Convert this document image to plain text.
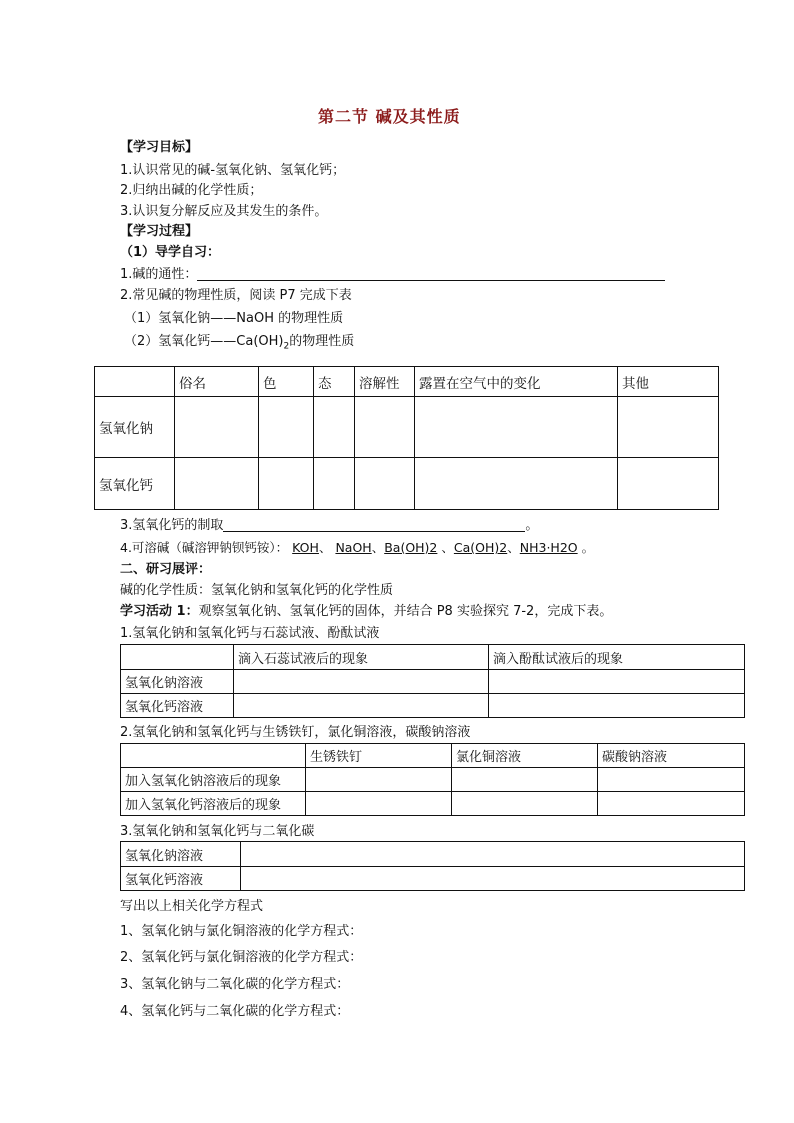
第二节 碱及其性质
【学习目标】
1.认识常见的碱-氢氧化钠、氢氧化钙；
2.归纳出碱的化学性质；
3.认识复分解反应及其发生的条件。
【学习过程】
（1）导学自习：
1.碱的通性：
2.常见碱的物理性质，阅读 P7 完成下表
（1）氢氧化钠——NaOH 的物理性质
（2）氢氧化钙$——Ca(OH)_2$的物理性质
	俗名	色	态	溶解性	露置在空气中的变化	其他
氢氧化钠						
氢氧化钙						
3.氢氧化钙的制取	。
4.可溶碱（碱溶钾钠钡钙铵）： KOH、 NaOH、Ba(OH)2 、Ca(OH)2、NH3·H2O 。
二、研习展评：
碱的化学性质：氢氧化钠和氢氧化钙的化学性质
学习活动 1：观察氢氧化钠、氢氧化钙的固体，并结合 P8 实验探究 7-2，完成下表。
1.氢氧化钠和氢氧化钙与石蕊试液、酚酞试液
	滴入石蕊试液后的现象	滴入酚酞试液后的现象
氢氧化钠溶液		
氢氧化钙溶液		
2.氢氧化钠和氢氧化钙与生锈铁钉，氯化铜溶液，碳酸钠溶液
	生锈铁钉	氯化铜溶液	碳酸钠溶液
加入氢氧化钠溶液后的现象			
加入氢氧化钙溶液后的现象			
3.氢氧化钠和氢氧化钙与二氧化碳
氢氧化钠溶液	
氢氧化钙溶液	
写出以上相关化学方程式
1、氢氧化钠与氯化铜溶液的化学方程式：
2、氢氧化钙与氯化铜溶液的化学方程式：
3、氢氧化钠与二氧化碳的化学方程式：
4、氢氧化钙与二氧化碳的化学方程式：
